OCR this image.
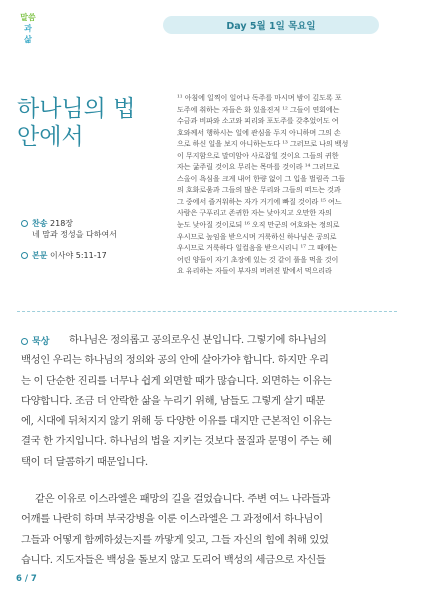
말씀
과
삶
Day 5월 1일 목요일
하나님의 법
안에서

¹¹ 아침에 일찍이 일어나 독주를 마시며 밤이 깊도록 포

도주에 취하는 자들은 화 있을진저 ¹² 그들이 연회에는

수금과 비파와 소고와 피리와 포도주를 갖추었어도 여

호와께서 행하시는 일에 관심을 두지 아니하며 그의 손

으로 하신 일을 보지 아니하는도다 ¹³ 그러므로 나의 백성

이 무지함으로 말미암아 사로잡힐 것이요 그들의 귀한

자는 굶주릴 것이요 무리는 목마를 것이라 ¹⁴ 그러므로

스올이 욕심을 크게 내어 한량 없이 그 입을 벌림즉 그들

의 호화로움과 그들의 많은 무리와 그들의 떠드는 것과

그 중에서 즐거워하는 자가 거기에 빠질 것이라 ¹⁵ 여느

사람은 구푸리고 존귀한 자는 낮아지고 오만한 자의

눈도 낮아질 것이로되 ¹⁶ 오직 만군의 여호와는 정의로

우시므로 높임을 받으시며 거룩하신 하나님은 공의로

우시므로 거룩하다 일컬음을 받으시리니 ¹⁷ 그 때에는

어린 양들이 자기 초장에 있는 것 같이 풀을 먹을 것이

요 유리하는 자들이 부자의 버려진 밭에서 먹으리라

찬송 218장
네 맘과 정성을 다하여서
본문 이사야 5:11-17
묵상	하나님은 정의롭고 공의로우신 분입니다. 그렇기에 하나님의

백성인 우리는 하나님의 정의와 공의 안에 살아가야 합니다. 하지만 우리
는 이 단순한 진리를 너무나 쉽게 외면할 때가 많습니다. 외면하는 이유는
다양합니다. 조금 더 안락한 삶을 누리기 위해, 남들도 그렇게 살기 때문
에, 시대에 뒤처지지 않기 위해 등 다양한 이유를 대지만 근본적인 이유는
결국 한 가지입니다. 하나님의 법을 지키는 것보다 물질과 문명이 주는 혜
택이 더 달콤하기 때문입니다.
같은 이유로 이스라엘은 패망의 길을 걸었습니다. 주변 여느 나라들과
어깨를 나란히 하며 부국강병을 이룬 이스라엘은 그 과정에서 하나님이
그들과 어떻게 함께하셨는지를 까맣게 잊고, 그들 자신의 힘에 취해 있었
습니다. 지도자들은 백성을 돌보지 않고 도리어 백성의 세금으로 자신들
6 / 7
